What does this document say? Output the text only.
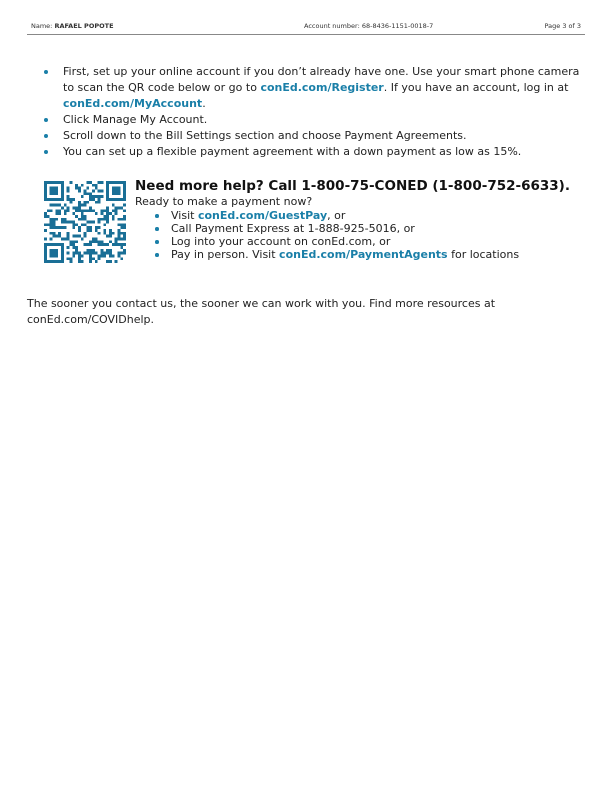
Name: RAFAEL POPOTE	Account number: 68-8436-1151-0018-7	Page 3 of 3
First, set up your online account if you don’t already have one. Use your smart phone camera to scan the QR code below or go to conEd.com/Register. If you have an account, log in at conEd.com/MyAccount.
Click Manage My Account.
Scroll down to the Bill Settings section and choose Payment Agreements.
You can set up a flexible payment agreement with a down payment as low as 15%.
Need more help? Call 1-800-75-CONED (1-800-752-6633).
Ready to make a payment now?
Visit conEd.com/GuestPay, or
Call Payment Express at 1-888-925-5016, or
Log into your account on conEd.com, or
Pay in person. Visit conEd.com/PaymentAgents for locations
The sooner you contact us, the sooner we can work with you. Find more resources at conEd.com/COVIDhelp.
